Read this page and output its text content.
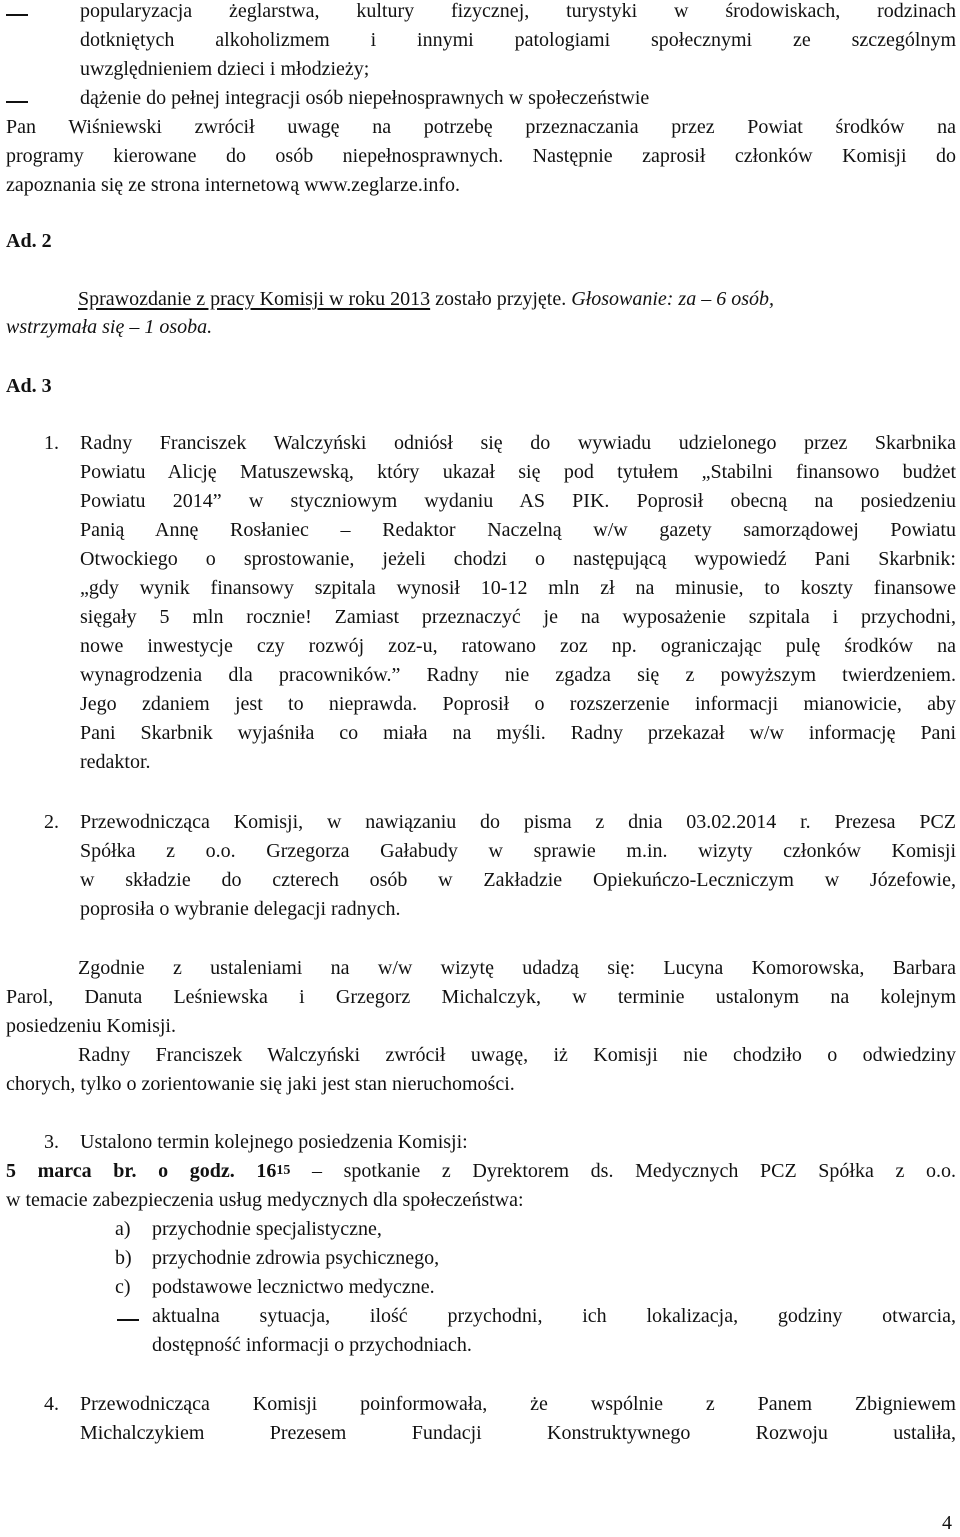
popularyzacja żeglarstwa, kultury fizycznej, turystyki w środowiskach, rodzinach
dotkniętych alkoholizmem i innymi patologiami społecznymi ze szczególnym
uwzględnieniem dzieci i młodzieży;
dążenie do pełnej integracji osób niepełnosprawnych w społeczeństwie
Pan Wiśniewski zwrócił uwagę na potrzebę przeznaczania przez Powiat środków na
programy kierowane do osób niepełnosprawnych. Następnie zaprosił członków Komisji do
zapoznania się ze strona internetową www.zeglarze.info.
Ad. 2
Sprawozdanie z pracy Komisji w roku 2013 zostało przyjęte. Głosowanie: za – 6 osób,
wstrzymała się – 1 osoba.
Ad. 3
1. Radny Franciszek Walczyński odniósł się do wywiadu udzielonego przez Skarbnika
Powiatu Alicję Matuszewską, który ukazał się pod tytułem „Stabilni finansowo budżet
Powiatu 2014” w styczniowym wydaniu AS PIK. Poprosił obecną na posiedzeniu
Panią Annę Rosłaniec – Redaktor Naczelną w/w gazety samorządowej Powiatu
Otwockiego o sprostowanie, jeżeli chodzi o następującą wypowiedź Pani Skarbnik:
„gdy wynik finansowy szpitala wynosił 10-12 mln zł na minusie, to koszty finansowe
sięgały 5 mln rocznie! Zamiast przeznaczyć je na wyposażenie szpitala i przychodni,
nowe inwestycje czy rozwój zoz-u, ratowano zoz np. ograniczając pulę środków na
wynagrodzenia dla pracowników.” Radny nie zgadza się z powyższym twierdzeniem.
Jego zdaniem jest to nieprawda. Poprosił o rozszerzenie informacji mianowicie, aby
Pani Skarbnik wyjaśniła co miała na myśli. Radny przekazał w/w informację Pani
redaktor.
2. Przewodnicząca Komisji, w nawiązaniu do pisma z dnia 03.02.2014 r. Prezesa PCZ
Spółka z o.o. Grzegorza Gałabudy w sprawie m.in. wizyty członków Komisji
w składzie do czterech osób w Zakładzie Opiekuńczo-Leczniczym w Józefowie,
poprosiła o wybranie delegacji radnych.
Zgodnie z ustaleniami na w/w wizytę udadzą się: Lucyna Komorowska, Barbara
Parol, Danuta Leśniewska i Grzegorz Michalczyk, w terminie ustalonym na kolejnym
posiedzeniu Komisji.
Radny Franciszek Walczyński zwrócił uwagę, iż Komisji nie chodziło o odwiedziny
chorych, tylko o zorientowanie się jaki jest stan nieruchomości.
3. Ustalono termin kolejnego posiedzenia Komisji:
5 marca br. o godz. $16^{15}$ – spotkanie z Dyrektorem ds. Medycznych PCZ Spółka z o.o.
w temacie zabezpieczenia usług medycznych dla społeczeństwa:
a) przychodnie specjalistyczne,
b) przychodnie zdrowia psychicznego,
c) podstawowe lecznictwo medyczne.
aktualna sytuacja, ilość przychodni, ich lokalizacja, godziny otwarcia,
dostępność informacji o przychodniach.
4. Przewodnicząca Komisji poinformowała, że wspólnie z Panem Zbigniewem
Michalczykiem Prezesem Fundacji Konstruktywnego Rozwoju ustaliła,
4
